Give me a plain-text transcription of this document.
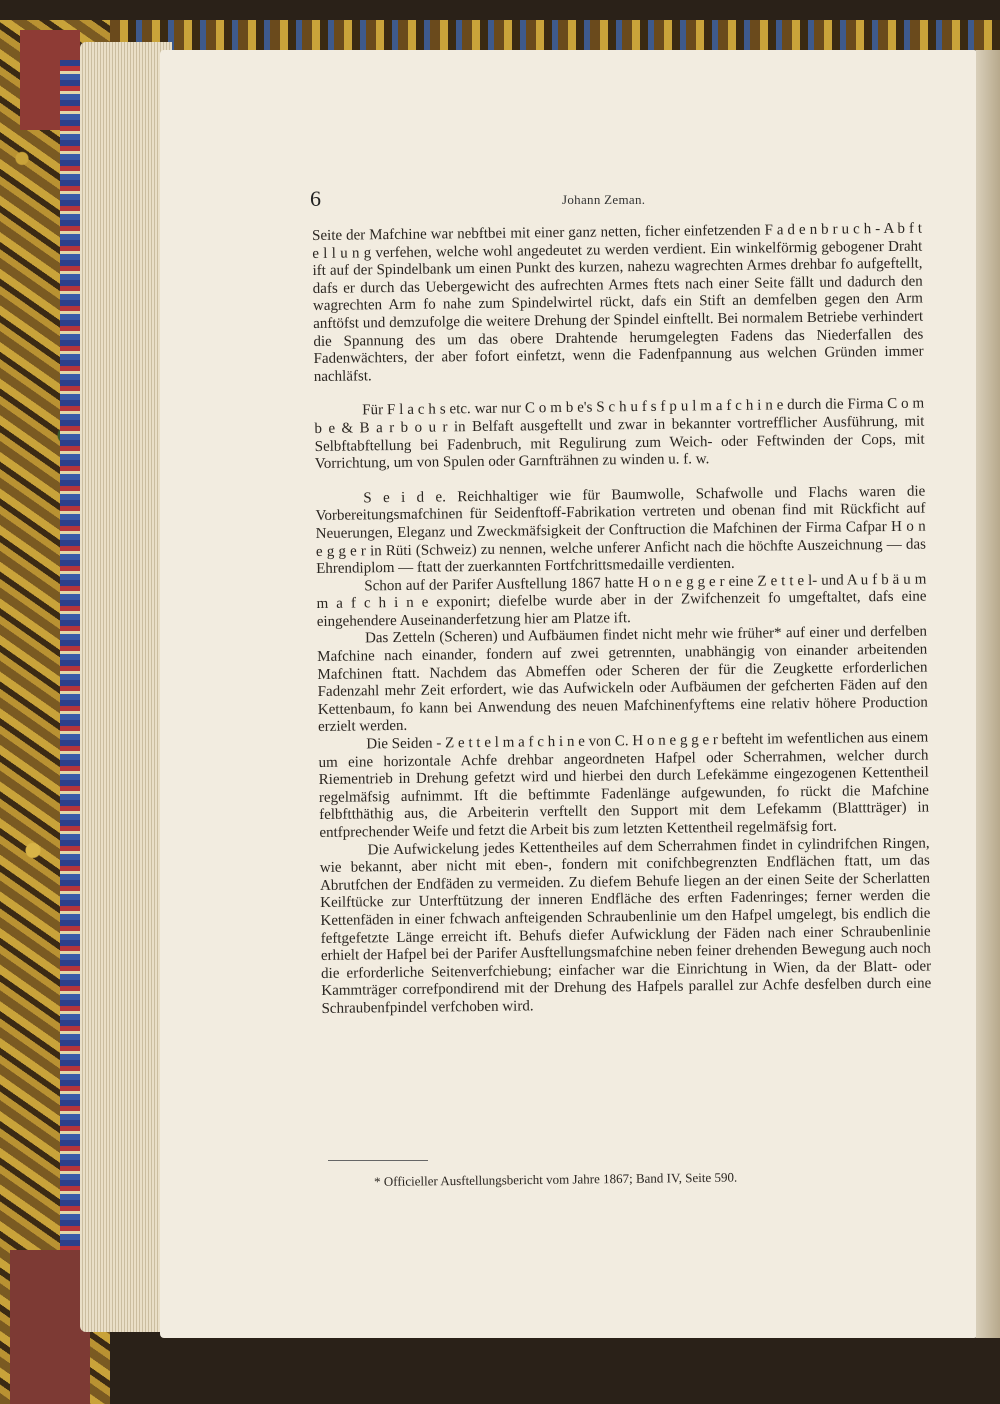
6	Johann Zeman.

Seite der Mafchine war nebftbei mit einer ganz netten, ficher einfetzenden F a d e n b r u c h - A b f t e l l u n g verfehen, welche wohl angedeutet zu werden verdient. Ein winkelförmig gebogener Draht ift auf der Spindelbank um einen Punkt des kurzen, nahezu wagrechten Armes drehbar fo aufgeftellt, dafs er durch das Uebergewicht des aufrechten Armes ftets nach einer Seite fällt und dadurch den wagrechten Arm fo nahe zum Spindelwirtel rückt, dafs ein Stift an demfelben gegen den Arm anftöfst und demzufolge die weitere Drehung der Spindel einftellt. Bei normalem Betriebe verhindert die Spannung des um das obere Drahtende herumgelegten Fadens das Niederfallen des Fadenwächters, der aber fofort einfetzt, wenn die Fadenfpannung aus welchen Gründen immer nachläfst.

Für F l a c h s etc. war nur C o m b e's S c h u f s f p u l m a f c h i n e durch die Firma C o m b e & B a r b o u r in Belfaft ausgeftellt und zwar in bekannter vortrefflicher Ausführung, mit Selbftabftellung bei Fadenbruch, mit Regulirung zum Weich- oder Feftwinden der Cops, mit Vorrichtung, um von Spulen oder Garnfträhnen zu winden u. f. w.

S e i d e. Reichhaltiger wie für Baumwolle, Schafwolle und Flachs waren die Vorbereitungsmafchinen für Seidenftoff-Fabrikation vertreten und obenan find mit Rückficht auf Neuerungen, Eleganz und Zweckmäfsigkeit der Conftruction die Mafchinen der Firma Cafpar H o n e g g e r in Rüti (Schweiz) zu nennen, welche unferer Anficht nach die höchfte Auszeichnung — das Ehrendiplom — ftatt der zuerkannten Fortfchrittsmedaille verdienten.

Schon auf der Parifer Ausftellung 1867 hatte H o n e g g e r eine Z e t t e l- und A u f b ä u m m a f c h i n e exponirt; diefelbe wurde aber in der Zwifchenzeit fo umgeftaltet, dafs eine eingehendere Auseinanderfetzung hier am Platze ift.

Das Zetteln (Scheren) und Aufbäumen findet nicht mehr wie früher* auf einer und derfelben Mafchine nach einander, fondern auf zwei getrennten, unabhängig von einander arbeitenden Mafchinen ftatt. Nachdem das Abmeffen oder Scheren der für die Zeugkette erforderlichen Fadenzahl mehr Zeit erfordert, wie das Aufwickeln oder Aufbäumen der gefcherten Fäden auf den Kettenbaum, fo kann bei Anwendung des neuen Mafchinenfyftems eine relativ höhere Production erzielt werden.

Die Seiden - Z e t t e l m a f c h i n e von C. H o n e g g e r befteht im wefentlichen aus einem um eine horizontale Achfe drehbar angeordneten Hafpel oder Scherrahmen, welcher durch Riementrieb in Drehung gefetzt wird und hierbei den durch Lefekämme eingezogenen Kettentheil regelmäfsig aufnimmt. Ift die beftimmte Fadenlänge aufgewunden, fo rückt die Mafchine felbftthäthig aus, die Arbeiterin verftellt den Support mit dem Lefekamm (Blattträger) in entfprechender Weife und fetzt die Arbeit bis zum letzten Kettentheil regelmäfsig fort.

Die Aufwickelung jedes Kettentheiles auf dem Scherrahmen findet in cylindrifchen Ringen, wie bekannt, aber nicht mit eben-, fondern mit conifchbegrenzten Endflächen ftatt, um das Abrutfchen der Endfäden zu vermeiden. Zu diefem Behufe liegen an der einen Seite der Scherlatten Keilftücke zur Unterftützung der inneren Endfläche des erften Fadenringes; ferner werden die Kettenfäden in einer fchwach anfteigenden Schraubenlinie um den Hafpel umgelegt, bis endlich die feftgefetzte Länge erreicht ift. Behufs diefer Aufwicklung der Fäden nach einer Schraubenlinie erhielt der Hafpel bei der Parifer Ausftellungsmafchine neben feiner drehenden Bewegung auch noch die erforderliche Seitenverfchiebung; einfacher war die Einrichtung in Wien, da der Blatt- oder Kammträger correfpondirend mit der Drehung des Hafpels parallel zur Achfe desfelben durch eine Schraubenfpindel verfchoben wird.

* Officieller Ausftellungsbericht vom Jahre 1867; Band IV, Seite 590.
